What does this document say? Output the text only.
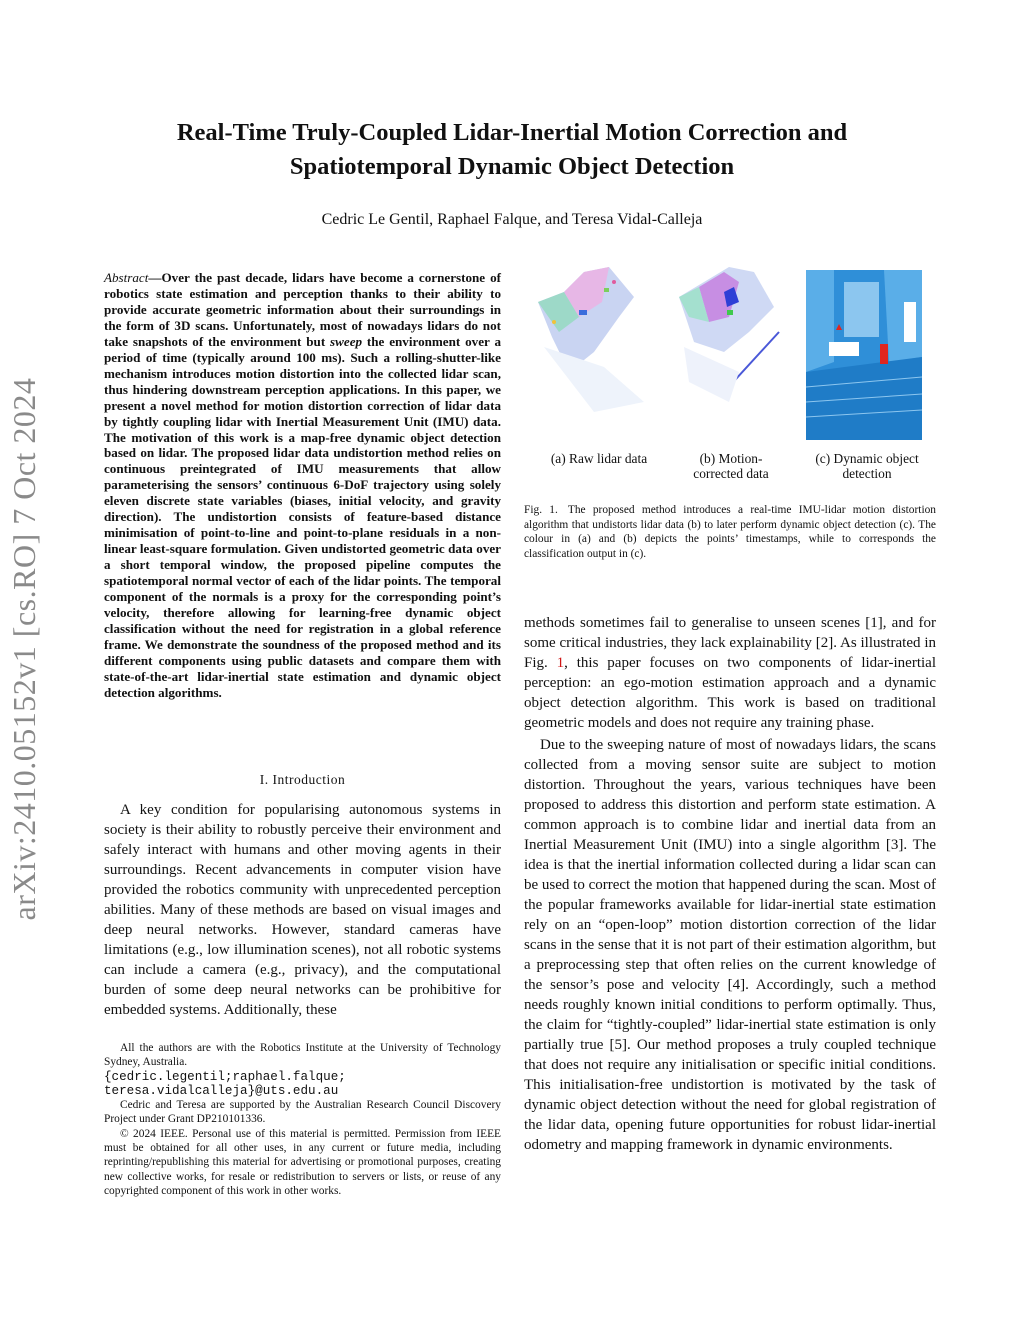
Real-Time Truly-Coupled Lidar-Inertial Motion Correction and
Spatiotemporal Dynamic Object Detection
Cedric Le Gentil, Raphael Falque, and Teresa Vidal-Calleja
arXiv:2410.05152v1 [cs.RO] 7 Oct 2024
Abstract—Over the past decade, lidars have become a cornerstone of robotics state estimation and perception thanks to their ability to provide accurate geometric information about their surroundings in the form of 3D scans. Unfortunately, most of nowadays lidars do not take snapshots of the environment but sweep the environment over a period of time (typically around 100 ms). Such a rolling-shutter-like mechanism introduces motion distortion into the collected lidar scan, thus hindering downstream perception applications. In this paper, we present a novel method for motion distortion correction of lidar data by tightly coupling lidar with Inertial Measurement Unit (IMU) data. The motivation of this work is a map-free dynamic object detection based on lidar. The proposed lidar data undistortion method relies on continuous preintegrated of IMU measurements that allow parameterising the sensors’ continuous 6-DoF trajectory using solely eleven discrete state variables (biases, initial velocity, and gravity direction). The undistortion consists of feature-based distance minimisation of point-to-line and point-to-plane residuals in a non-linear least-square formulation. Given undistorted geometric data over a short temporal window, the proposed pipeline computes the spatiotemporal normal vector of each of the lidar points. The temporal component of the normals is a proxy for the corresponding point’s velocity, therefore allowing for learning-free dynamic object classification without the need for registration in a global reference frame. We demonstrate the soundness of the proposed method and its different components using public datasets and compare them with state-of-the-art lidar-inertial state estimation and dynamic object detection algorithms.
I. Introduction

A key condition for popularising autonomous systems in society is their ability to robustly perceive their environment and safely interact with humans and other moving agents in their surroundings. Recent advancements in computer vision have provided the robotics community with unprecedented perception abilities. Many of these methods are based on visual images and deep neural networks. However, standard cameras have limitations (e.g., low illumination scenes), not all robotic systems can include a camera (e.g., privacy), and the computational burden of some deep neural networks can be prohibitive for embedded systems. Additionally, these

All the authors are with the Robotics Institute at the University of Technology Sydney, Australia.

{cedric.legentil;raphael.falque; teresa.vidalcalleja}@uts.edu.au

Cedric and Teresa are supported by the Australian Research Council Discovery Project under Grant DP210101336.

© 2024 IEEE. Personal use of this material is permitted. Permission from IEEE must be obtained for all other uses, in any current or future media, including reprinting/republishing this material for advertising or promotional purposes, creating new collective works, for resale or redistribution to servers or lists, or reuse of any copyrighted component of this work in other works.

(a) Raw lidar data	(b) Motion-corrected data
(c) Dynamic object detection
Fig. 1. The proposed method introduces a real-time IMU-lidar motion distortion algorithm that undistorts lidar data (b) to later perform dynamic object detection (c). The colour in (a) and (b) depicts the points’ timestamps, while to corresponds the classification output in (c).

methods sometimes fail to generalise to unseen scenes [1], and for some critical industries, they lack explainability [2]. As illustrated in Fig. 1, this paper focuses on two components of lidar-inertial perception: an ego-motion estimation approach and a dynamic object detection algorithm. This work is based on traditional geometric models and does not require any training phase.

Due to the sweeping nature of most of nowadays lidars, the scans collected from a moving sensor suite are subject to motion distortion. Throughout the years, various techniques have been proposed to address this distortion and perform state estimation. A common approach is to combine lidar and inertial data from an Inertial Measurement Unit (IMU) into a single algorithm [3]. The idea is that the inertial information collected during a lidar scan can be used to correct the motion that happened during the scan. Most of the popular frameworks available for lidar-inertial state estimation rely on an “open-loop” motion distortion correction of the lidar scans in the sense that it is not part of their estimation algorithm, but a preprocessing step that often relies on the current knowledge of the sensor’s pose and velocity [4]. Accordingly, such a method needs roughly known initial conditions to perform optimally. Thus, the claim for “tightly-coupled” lidar-inertial state estimation is only partially true [5]. Our method proposes a truly coupled technique that does not require any initialisation or specific initial conditions. This initialisation-free undistortion is motivated by the task of dynamic object detection without the need for global registration of the lidar data, opening future opportunities for robust lidar-inertial odometry and mapping framework in dynamic environments.
